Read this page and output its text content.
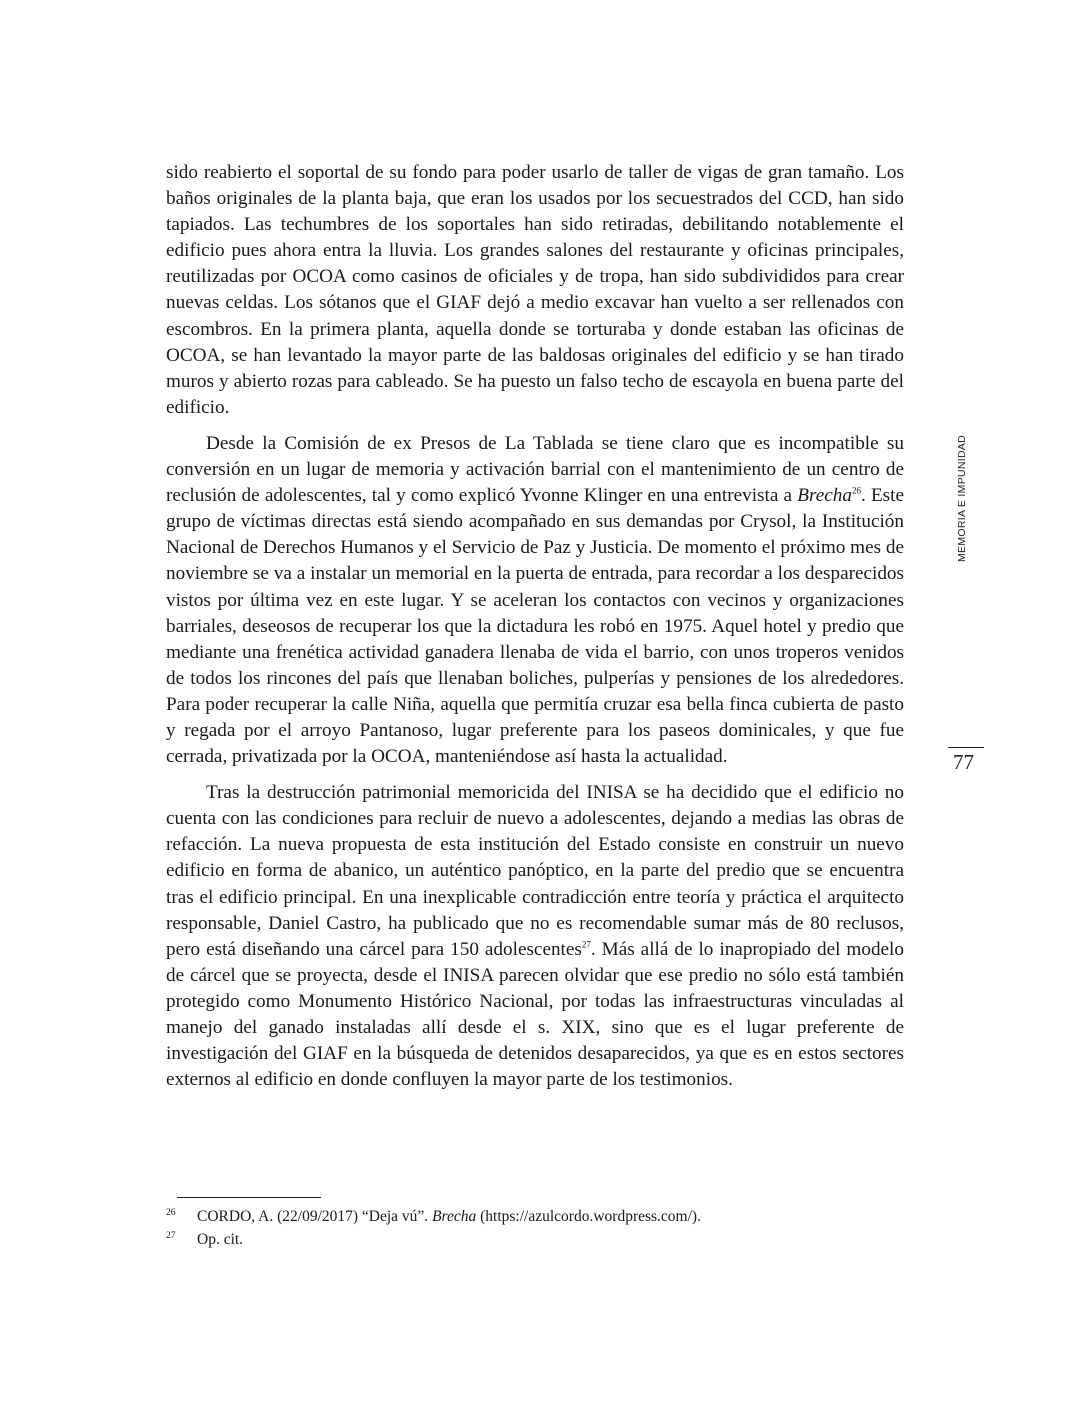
sido reabierto el soportal de su fondo para poder usarlo de taller de vigas de gran tamaño. Los baños originales de la planta baja, que eran los usados por los secuestrados del CCD, han sido tapiados. Las techumbres de los soportales han sido retiradas, debilitando notablemente el edificio pues ahora entra la lluvia. Los grandes salones del restaurante y oficinas principales, reutilizadas por OCOA como casinos de oficiales y de tropa, han sido subdivididos para crear nuevas celdas. Los sótanos que el GIAF dejó a medio excavar han vuelto a ser rellenados con escombros. En la primera planta, aquella donde se torturaba y donde estaban las oficinas de OCOA, se han levantado la mayor parte de las baldosas originales del edificio y se han tirado muros y abierto rozas para cableado. Se ha puesto un falso techo de escayola en buena parte del edificio.

Desde la Comisión de ex Presos de La Tablada se tiene claro que es incompatible su conversión en un lugar de memoria y activación barrial con el mantenimiento de un centro de reclusión de adolescentes, tal y como explicó Yvonne Klinger en una entrevista a Brecha$^{26}$. Este grupo de víctimas directas está siendo acompañado en sus demandas por Crysol, la Institución Nacional de Derechos Humanos y el Servicio de Paz y Justicia. De momento el próximo mes de noviembre se va a instalar un memorial en la puerta de entrada, para recordar a los desparecidos vistos por última vez en este lugar. Y se aceleran los contactos con vecinos y organizaciones barriales, deseosos de recuperar los que la dictadura les robó en 1975. Aquel hotel y predio que mediante una frenética actividad ganadera llenaba de vida el barrio, con unos troperos venidos de todos los rincones del país que llenaban boliches, pulperías y pensiones de los alrededores. Para poder recuperar la calle Niña, aquella que permitía cruzar esa bella finca cubierta de pasto y regada por el arroyo Pantanoso, lugar preferente para los paseos dominicales, y que fue cerrada, privatizada por la OCOA, manteniéndose así hasta la actualidad.

Tras la destrucción patrimonial memoricida del INISA se ha decidido que el edificio no cuenta con las condiciones para recluir de nuevo a adolescentes, dejando a medias las obras de refacción. La nueva propuesta de esta institución del Estado consiste en construir un nuevo edificio en forma de abanico, un auténtico panóptico, en la parte del predio que se encuentra tras el edificio principal. En una inexplicable contradicción entre teoría y práctica el arquitecto responsable, Daniel Castro, ha publicado que no es recomendable sumar más de 80 reclusos, pero está diseñando una cárcel para 150 adolescentes$^{27}$. Más allá de lo inapropiado del modelo de cárcel que se proyecta, desde el INISA parecen olvidar que ese predio no sólo está también protegido como Monumento Histórico Nacional, por todas las infraestructuras vinculadas al manejo del ganado instaladas allí desde el s. XIX, sino que es el lugar preferente de investigación del GIAF en la búsqueda de detenidos desaparecidos, ya que es en estos sectores externos al edificio en donde confluyen la mayor parte de los testimonios.

MEMORIA E IMPUNIDAD
77
26 CORDO, A. (22/09/2017) “Deja vú”. Brecha (https://azulcordo.wordpress.com/).
27 Op. cit.
